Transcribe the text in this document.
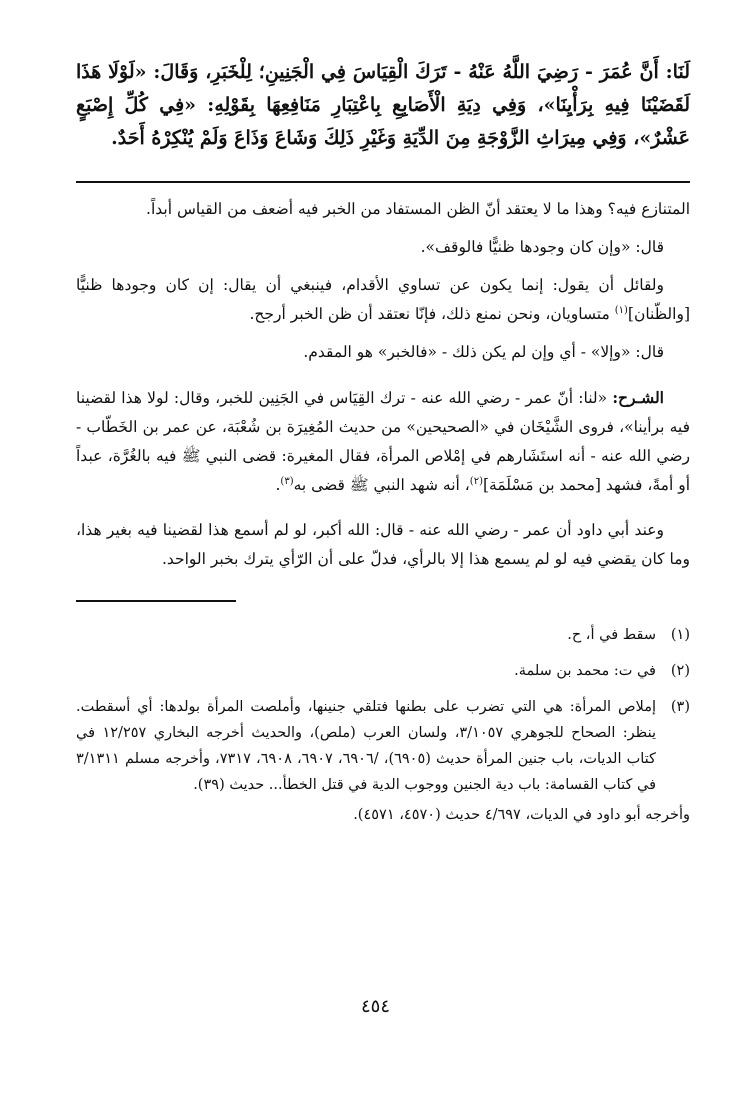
لَنَا: أَنَّ عُمَرَ - رَضِيَ اللَّهُ عَنْهُ - تَرَكَ الْقِيَاسَ فِي الْجَنِينِ؛ لِلْخَبَرِ، وَقَالَ: «لَوْلَا هَذَا لَقَضَيْنَا فِيهِ بِرَأْيِنَا»، وَفِي دِيَةِ الْأَصَابِعِ بِاعْتِبَارِ مَنَافِعِهَا بِقَوْلِهِ: «فِي كُلِّ إِصْبَعٍ عَشْرٌ»، وَفِي مِيرَاثِ الزَّوْجَةِ مِنَ الدِّيَةِ وَغَيْرِ ذَلِكَ وَشَاعَ وَذَاعَ وَلَمْ يُنْكِرْهُ أَحَدٌ.

المتنازع فيه؟ وهذا ما لا يعتقد أنّ الظن المستفاد من الخبر فيه أضعف من القياس أبداً.

قال: «وإن كان وجودها ظنيًّا فالوقف».

ولقائل أن يقول: إنما يكون عن تساوي الأقدام، فينبغي أن يقال: إن كان وجودها ظنيًّا [والظّنان]$^{(١)}$ متساويان، ونحن نمنع ذلك، فإنّا نعتقد أن ظن الخبر أرجح.

قال: «وإلا» - أي وإن لم يكن ذلك - «فالخبر» هو المقدم.

الشـرح: «لنا: أنّ عمر - رضي الله عنه - ترك القِيَاس في الجَنِين للخبر، وقال: لولا هذا لقضينا فيه برأينا»، فروى الشَّيْخَان في «الصحيحين» من حديث المُغِيرَة بن شُعْبَة، عن عمر بن الخَطّاب - رضي الله عنه - أنه استَشَارهم في إمْلاص المرأة، فقال المغيرة: قضى النبي ﷺ فيه بالغُرَّة، عبداً أو أمةً، فشهد [محمد بن مَسْلَمَة]$^{(٢)}$، أنه شهد النبي ﷺ قضى به$^{(٣)}$.

وعند أبي داود أن عمر - رضي الله عنه - قال: الله أكبر، لو لم أسمع هذا لقضينا فيه بغير هذا، وما كان يقضي فيه لو لم يسمع هذا إلا بالرأي، فدلّ على أن الرّأي يترك بخبر الواحد.

(١)
سقط في أ، ح.
(٢)
في ت: محمد بن سلمة.
(٣)
إملاص المرأة: هي التي تضرب على بطنها فتلقي جنينها، وأملصت المرأة بولدها: أي أسقطت. ينظر: الصحاح للجوهري ٣/١٠٥٧، ولسان العرب (ملص)، والحديث أخرجه البخاري ١٢/٢٥٧ في كتاب الديات، باب جنين المرأة حديث (٦٩٠٥)، /٦٩٠٦، ٦٩٠٧، ٦٩٠٨، ٧٣١٧، وأخرجه مسلم ٣/١٣١١ في كتاب القسامة: باب دية الجنين ووجوب الدية في قتل الخطأ... حديث (٣٩).

وأخرجه أبو داود في الديات، ٤/٦٩٧ حديث (٤٥٧٠، ٤٥٧١).

٤٥٤
